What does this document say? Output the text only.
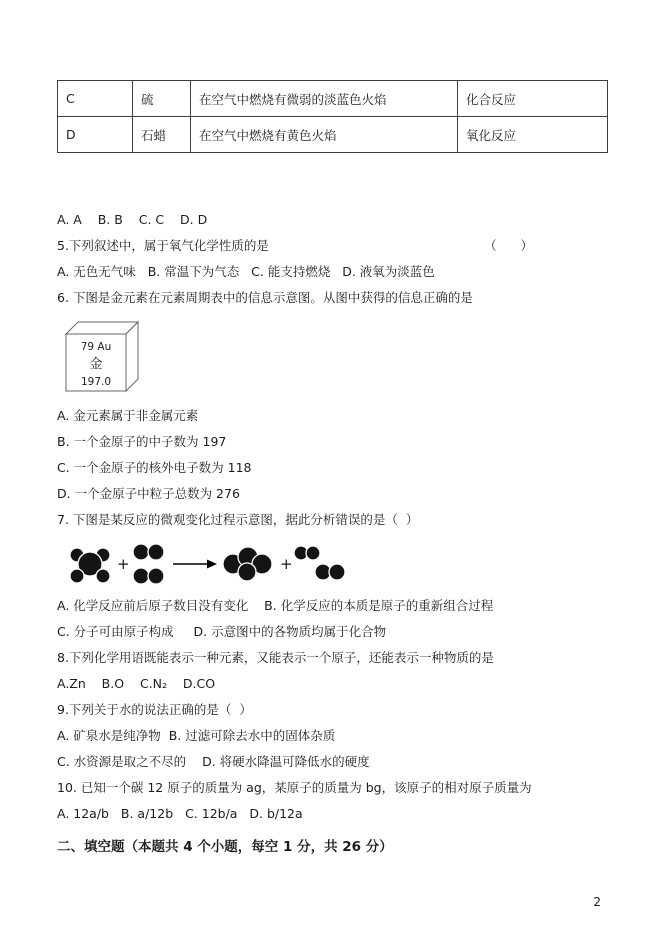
C	硫	在空气中燃烧有微弱的淡蓝色火焰	化合反应
D	石蜡	在空气中燃烧有黄色火焰	氧化反应
A. A    B. B    C. C    D. D
5.下列叙述中，属于氧气化学性质的是	（      ）
A. 无色无气味   B. 常温下为气态   C. 能支持燃烧   D. 液氧为淡蓝色
6. 下图是金元素在元素周期表中的信息示意图。从图中获得的信息正确的是
79 Au
金
197.0
A. 金元素属于非金属元素
B. 一个金原子的中子数为 197
C. 一个金原子的核外电子数为 118
D. 一个金原子中粒子总数为 276
7. 下图是某反应的微观变化过程示意图，据此分析错误的是（  ）
+	+
A. 化学反应前后原子数目没有变化    B. 化学反应的本质是原子的重新组合过程
C. 分子可由原子构成     D. 示意图中的各物质均属于化合物
8.下列化学用语既能表示一种元素，又能表示一个原子，还能表示一种物质的是
A.Zn    B.O    C.N₂    D.CO
9.下列关于水的说法正确的是（  ）
A. 矿泉水是纯净物  B. 过滤可除去水中的固体杂质
C. 水资源是取之不尽的    D. 将硬水降温可降低水的硬度
10. 已知一个碳 12 原子的质量为 ag，某原子的质量为 bg，该原子的相对原子质量为
A. 12a/b   B. a/12b   C. 12b/a   D. b/12a
二、填空题（本题共 4 个小题，每空 1 分，共 26 分）
2
